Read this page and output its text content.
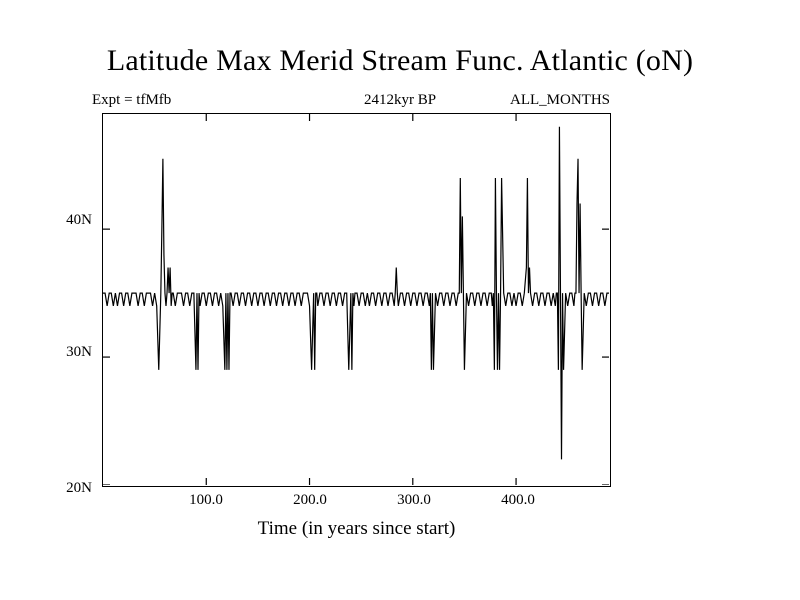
Latitude Max Merid Stream Func. Atlantic (oN)
Expt = tfMfb	2412kyr BP	ALL_MONTHS
20N
30N
40N
100.0	200.0	300.0	400.0
Time (in years since start)
